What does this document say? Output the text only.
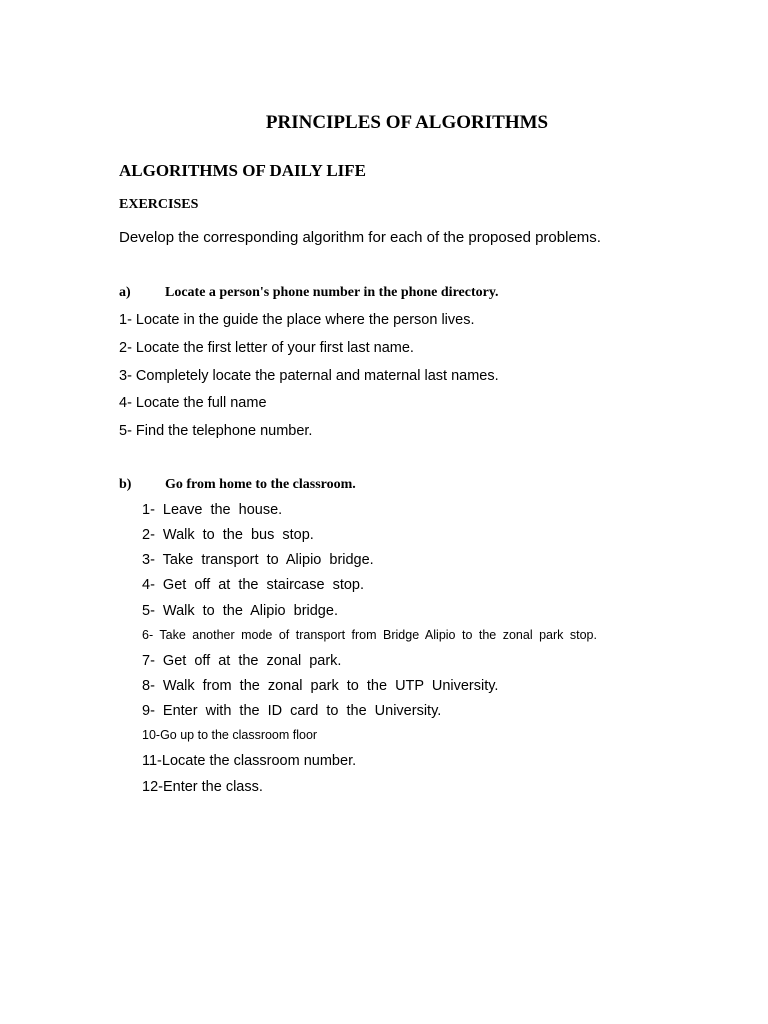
PRINCIPLES OF ALGORITHMS
ALGORITHMS OF DAILY LIFE
EXERCISES
Develop the corresponding algorithm for each of the proposed problems.
a) Locate a person's phone number in the phone directory.
1- Locate in the guide the place where the person lives.
2- Locate the first letter of your first last name.
3- Completely locate the paternal and maternal last names.
4- Locate the full name
5- Find the telephone number.
b) Go from home to the classroom.
1- Leave the house.
2- Walk to the bus stop.
3- Take transport to Alipio bridge.
4- Get off at the staircase stop.
5- Walk to the Alipio bridge.
6- Take another mode of transport from Bridge Alipio to the zonal park stop.
7- Get off at the zonal park.
8- Walk from the zonal park to the UTP University.
9- Enter with the ID card to the University.
10-Go up to the classroom floor
11-Locate the classroom number.
12-Enter the class.
